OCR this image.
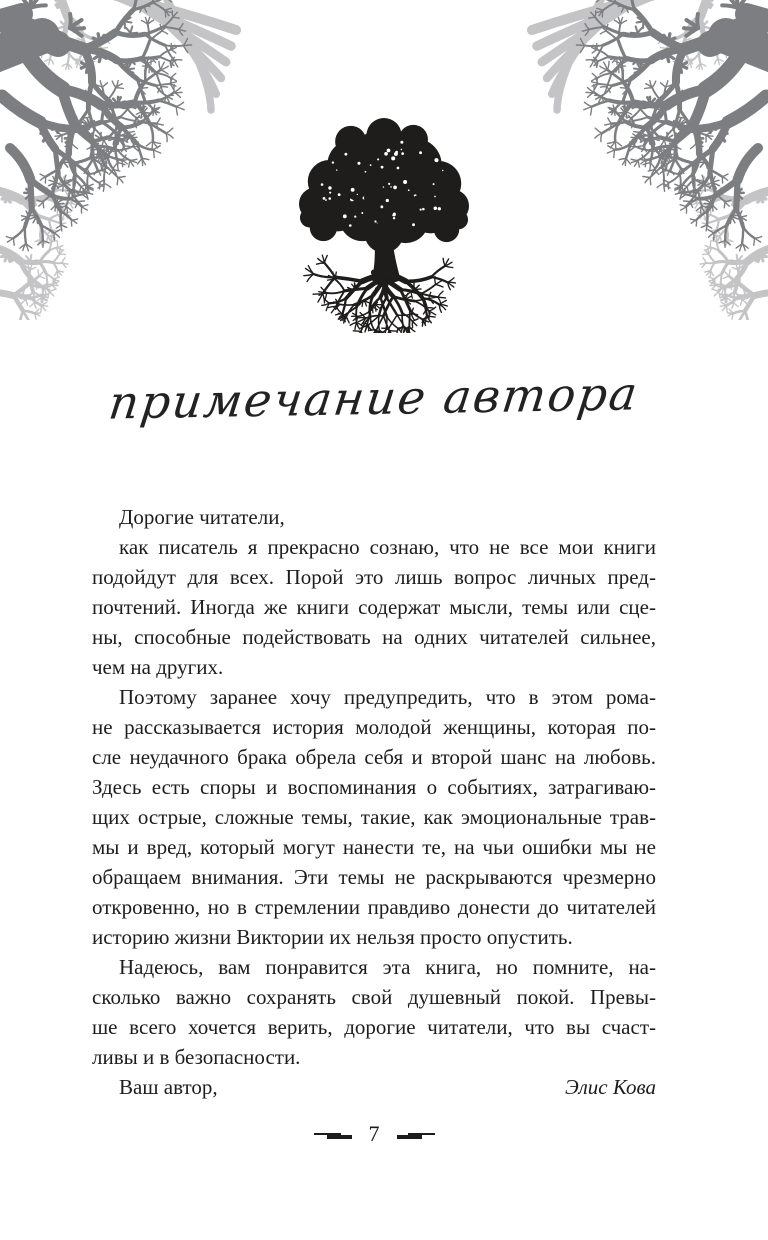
примечание автора
Дорогие читатели,
как писатель я прекрасно сознаю, что не все мои книги
подойдут для всех. Порой это лишь вопрос личных пред-
почтений. Иногда же книги содержат мысли, темы или сце-
ны, способные подействовать на одних читателей сильнее,
чем на других.
Поэтому заранее хочу предупредить, что в этом рома-
не рассказывается история молодой женщины, которая по-
сле неудачного брака обрела себя и второй шанс на любовь.
Здесь есть споры и воспоминания о событиях, затрагиваю-
щих острые, сложные темы, такие, как эмоциональные трав-
мы и вред, который могут нанести те, на чьи ошибки мы не
обращаем внимания. Эти темы не раскрываются чрезмерно
откровенно, но в стремлении правдиво донести до читателей
историю жизни Виктории их нельзя просто опустить.
Надеюсь, вам понравится эта книга, но помните, на-
сколько важно сохранять свой душевный покой. Превы-
ше всего хочется верить, дорогие читатели, что вы счаст-
ливы и в безопасности.
Ваш автор,	Элис Кова
7
